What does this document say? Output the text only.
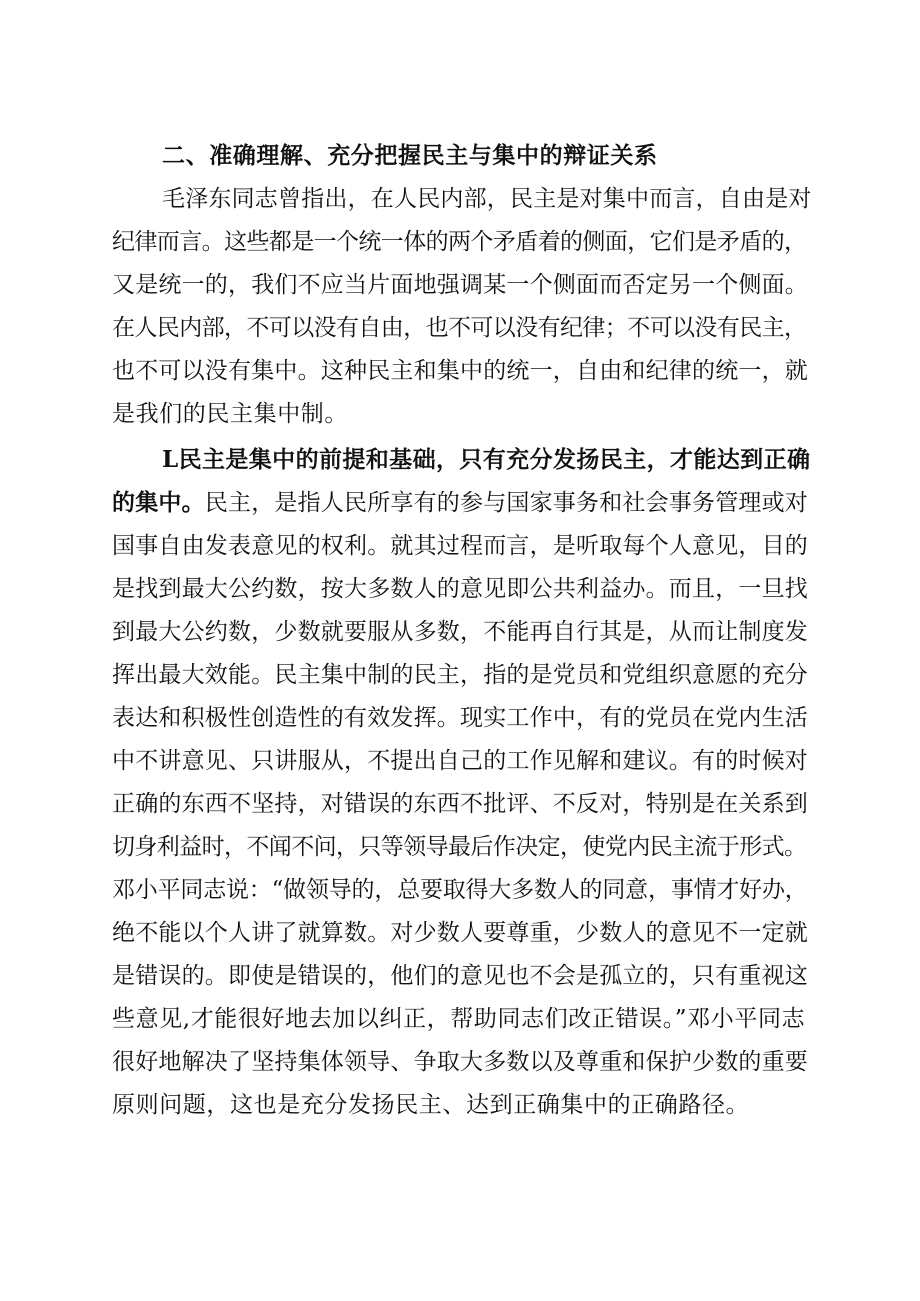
二、准确理解、充分把握民主与集中的辩证关系
毛泽东同志曾指出，在人民内部，民主是对集中而言，自由是对
纪律而言。这些都是一个统一体的两个矛盾着的侧面，它们是矛盾的，
又是统一的，我们不应当片面地强调某一个侧面而否定另一个侧面。
在人民内部，不可以没有自由，也不可以没有纪律；不可以没有民主，
也不可以没有集中。这种民主和集中的统一，自由和纪律的统一，就
是我们的民主集中制。
L民主是集中的前提和基础，只有充分发扬民主，才能达到正确
的集中。民主，是指人民所享有的参与国家事务和社会事务管理或对
国事自由发表意见的权利。就其过程而言，是听取每个人意见，目的
是找到最大公约数，按大多数人的意见即公共利益办。而且，一旦找
到最大公约数，少数就要服从多数，不能再自行其是，从而让制度发
挥出最大效能。民主集中制的民主，指的是党员和党组织意愿的充分
表达和积极性创造性的有效发挥。现实工作中，有的党员在党内生活
中不讲意见、只讲服从，不提出自己的工作见解和建议。有的时候对
正确的东西不坚持，对错误的东西不批评、不反对，特别是在关系到
切身利益时，不闻不问，只等领导最后作决定，使党内民主流于形式。
邓小平同志说：“做领导的，总要取得大多数人的同意，事情才好办，
绝不能以个人讲了就算数。对少数人要尊重，少数人的意见不一定就
是错误的。即使是错误的，他们的意见也不会是孤立的，只有重视这
些意见,才能很好地去加以纠正，帮助同志们改正错误。”邓小平同志
很好地解决了坚持集体领导、争取大多数以及尊重和保护少数的重要
原则问题，这也是充分发扬民主、达到正确集中的正确路径。
